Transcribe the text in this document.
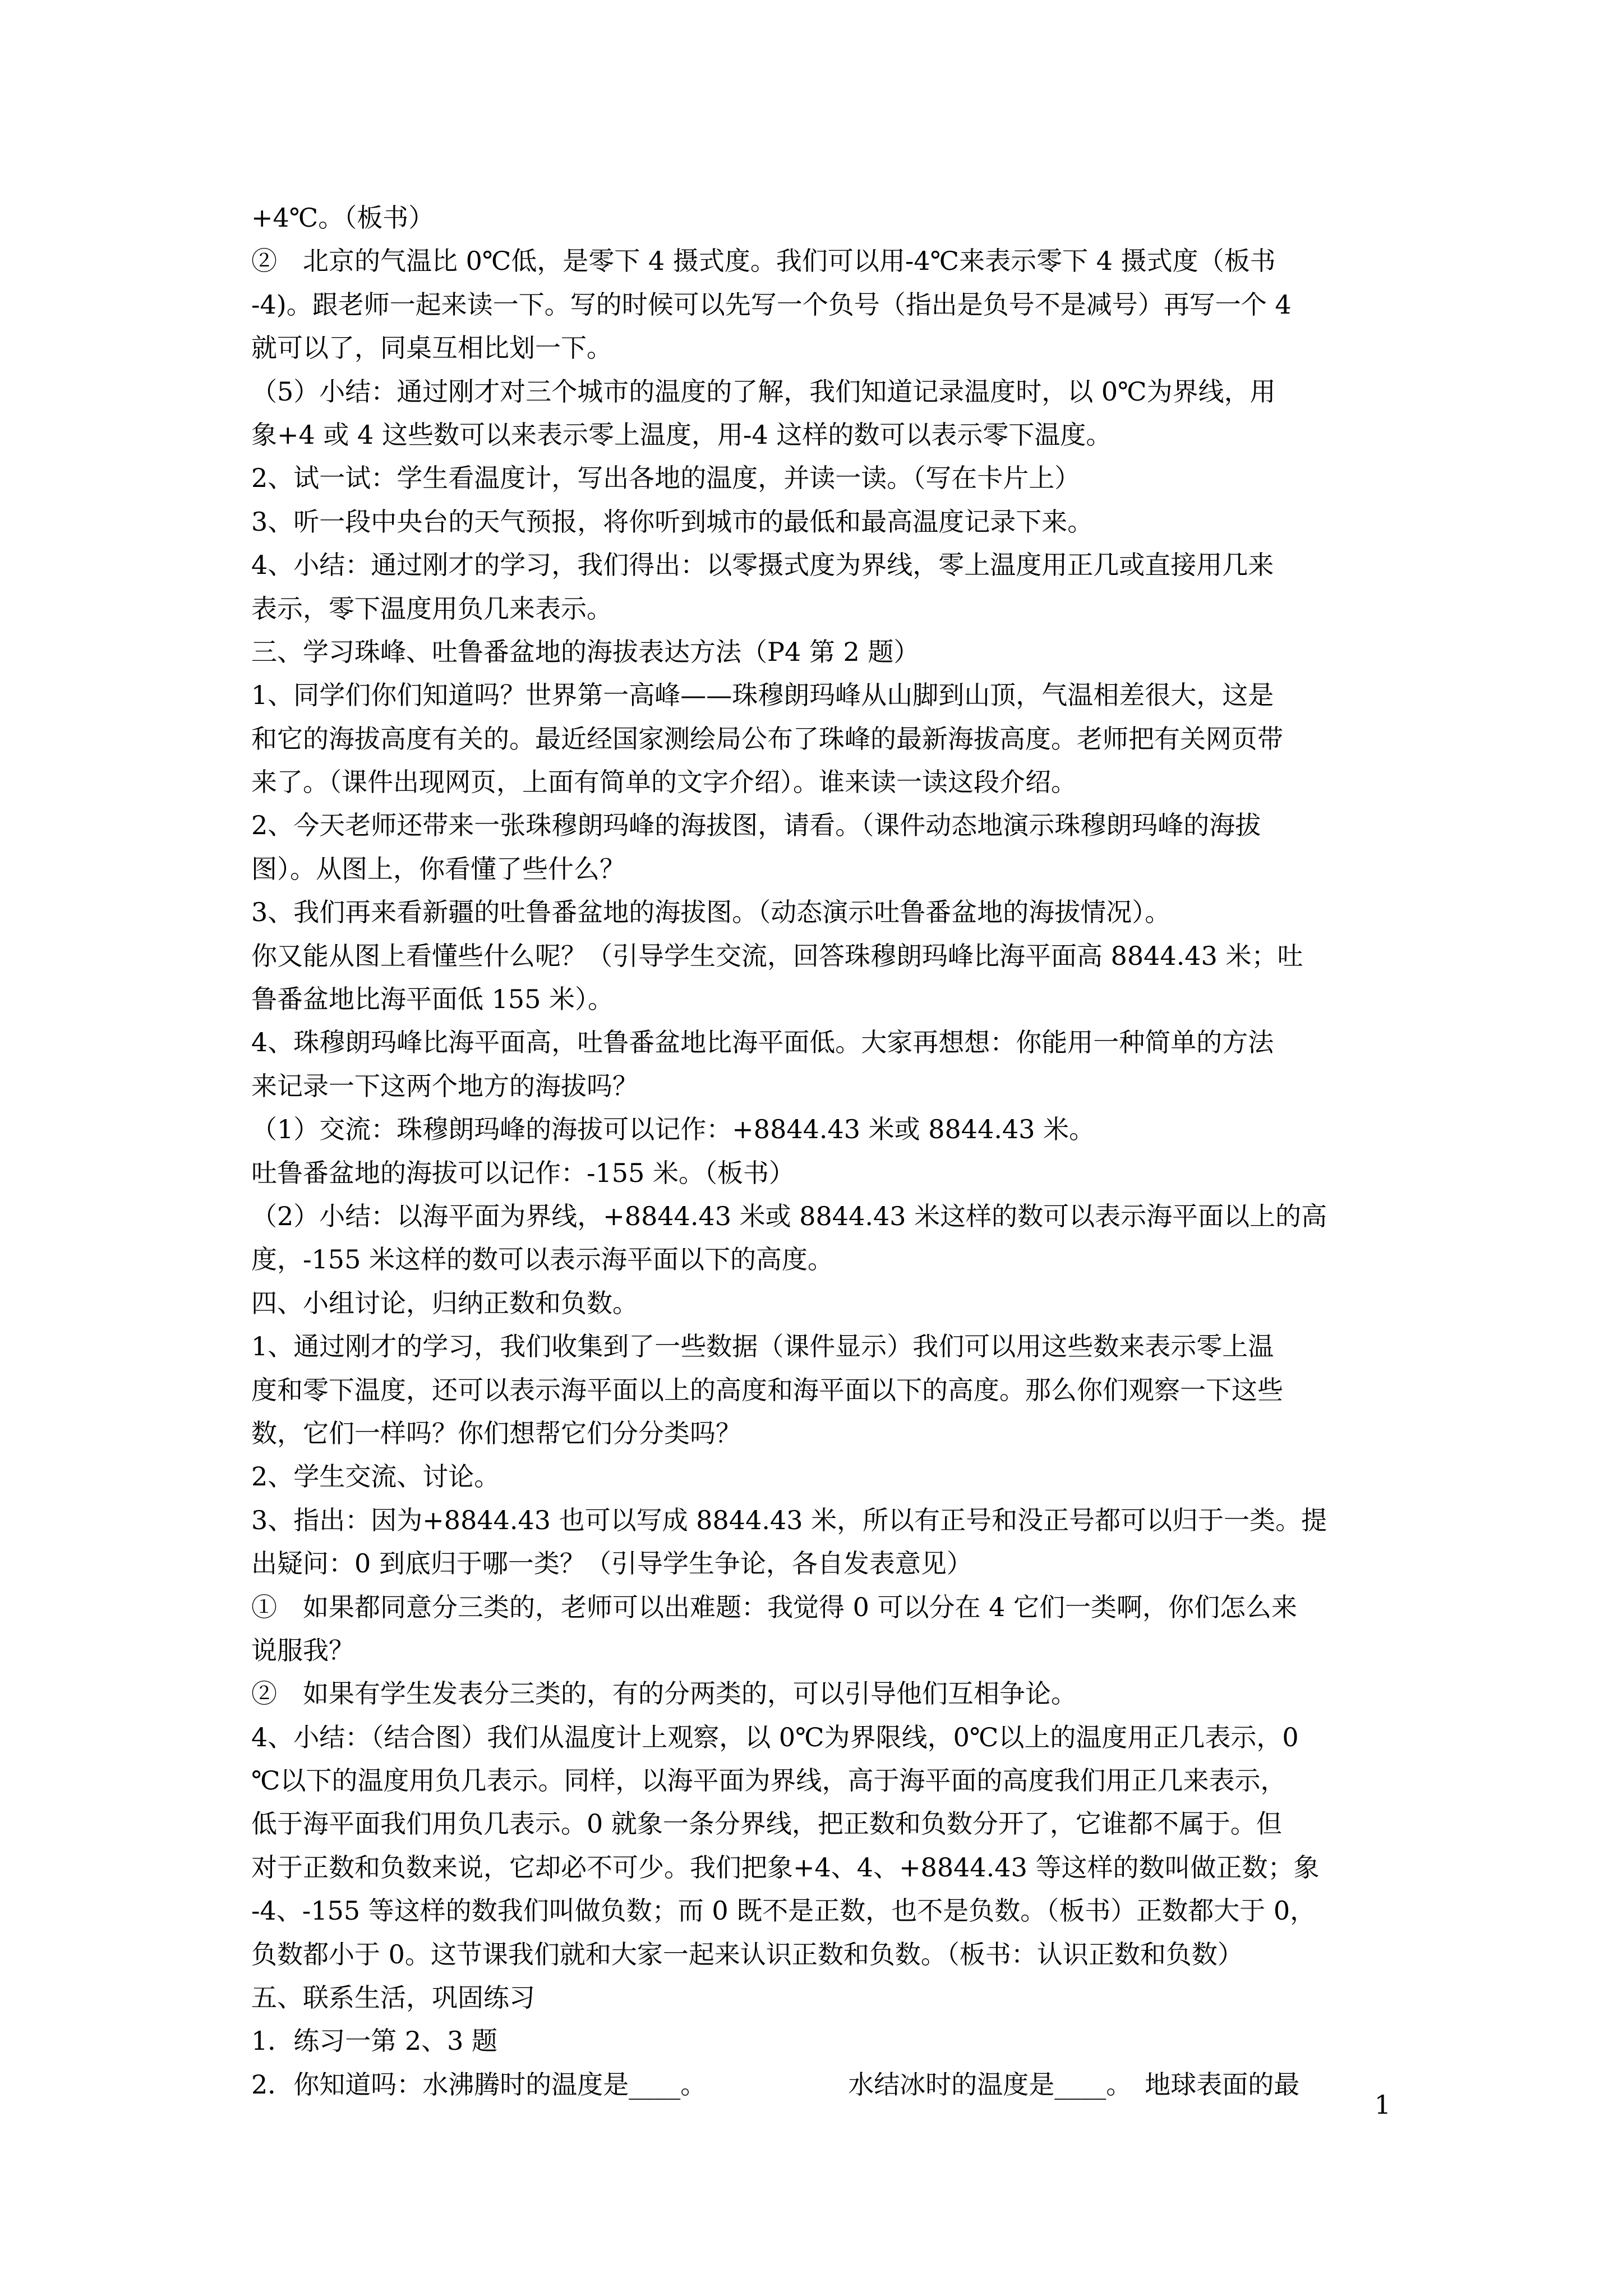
+4℃。（板书）
②　北京的气温比 0℃低，是零下 4 摄式度。我们可以用-4℃来表示零下 4 摄式度（板书
-4)。跟老师一起来读一下。写的时候可以先写一个负号（指出是负号不是减号）再写一个 4
就可以了，同桌互相比划一下。
（5）小结：通过刚才对三个城市的温度的了解，我们知道记录温度时，以 0℃为界线，用
象+4 或 4 这些数可以来表示零上温度，用-4 这样的数可以表示零下温度。
2、试一试：学生看温度计，写出各地的温度，并读一读。（写在卡片上）
3、听一段中央台的天气预报，将你听到城市的最低和最高温度记录下来。
4、小结：通过刚才的学习，我们得出：以零摄式度为界线，零上温度用正几或直接用几来
表示，零下温度用负几来表示。
三、学习珠峰、吐鲁番盆地的海拔表达方法（P4 第 2 题）
1、同学们你们知道吗？世界第一高峰——珠穆朗玛峰从山脚到山顶，气温相差很大，这是
和它的海拔高度有关的。最近经国家测绘局公布了珠峰的最新海拔高度。老师把有关网页带
来了。（课件出现网页，上面有简单的文字介绍）。谁来读一读这段介绍。
2、今天老师还带来一张珠穆朗玛峰的海拔图，请看。（课件动态地演示珠穆朗玛峰的海拔
图）。从图上，你看懂了些什么？
3、我们再来看新疆的吐鲁番盆地的海拔图。（动态演示吐鲁番盆地的海拔情况）。
你又能从图上看懂些什么呢？（引导学生交流，回答珠穆朗玛峰比海平面高 8844.43 米；吐
鲁番盆地比海平面低 155 米）。
4、珠穆朗玛峰比海平面高，吐鲁番盆地比海平面低。大家再想想：你能用一种简单的方法
来记录一下这两个地方的海拔吗？
（1）交流：珠穆朗玛峰的海拔可以记作：+8844.43 米或 8844.43 米。
吐鲁番盆地的海拔可以记作：-155 米。（板书）
（2）小结：以海平面为界线，+8844.43 米或 8844.43 米这样的数可以表示海平面以上的高
度，-155 米这样的数可以表示海平面以下的高度。
四、小组讨论，归纳正数和负数。
1、通过刚才的学习，我们收集到了一些数据（课件显示）我们可以用这些数来表示零上温
度和零下温度，还可以表示海平面以上的高度和海平面以下的高度。那么你们观察一下这些
数，它们一样吗？你们想帮它们分分类吗？
2、学生交流、讨论。
3、指出：因为+8844.43 也可以写成 8844.43 米，所以有正号和没正号都可以归于一类。提
出疑问：0 到底归于哪一类？（引导学生争论，各自发表意见）
①　如果都同意分三类的，老师可以出难题：我觉得 0 可以分在 4 它们一类啊，你们怎么来
说服我？
②　如果有学生发表分三类的，有的分两类的，可以引导他们互相争论。
4、小结：（结合图）我们从温度计上观察，以 0℃为界限线，0℃以上的温度用正几表示，0
℃以下的温度用负几表示。同样，以海平面为界线，高于海平面的高度我们用正几来表示，
低于海平面我们用负几表示。0 就象一条分界线，把正数和负数分开了，它谁都不属于。但
对于正数和负数来说，它却必不可少。我们把象+4、4、+8844.43 等这样的数叫做正数；象
-4、-155 等这样的数我们叫做负数；而 0 既不是正数，也不是负数。（板书）正数都大于 0，
负数都小于 0。这节课我们就和大家一起来认识正数和负数。（板书：认识正数和负数）
五、联系生活，巩固练习
1．练习一第 2、3 题
2．你知道吗：水沸腾时的温度是____。　　　　　　水结冰时的温度是____。　地球表面的最
1
